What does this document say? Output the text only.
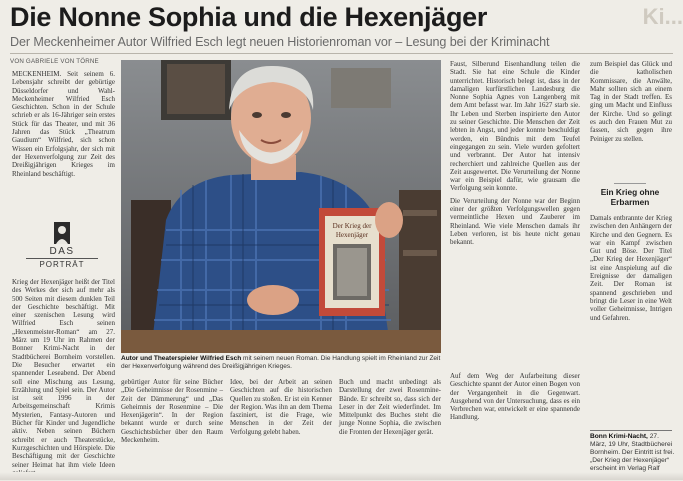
Die Nonne Sophia und die Hexenjäger	Ki...
Der Meckenheimer Autor Wilfried Esch legt neuen Historienroman vor – Lesung bei der Kriminacht
VON GABRIELE VON TÖRNE

MECKENHEIM. Seit seinem 6. Lebensjahr schreibt der gebürtige Düsseldorfer und Wahl-Meckenheimer Wilfried Esch Geschichten. Schon in der Schule schrieb er als 16-Jähriger sein erstes Stück für das Theater, und mit 36 Jahren das Stück „Theatrum Gaudium“ Wilfried, sich schon Wissen ein Erfolgsjahr, der sich mit der Hexenverfolgung zur Zeit des Dreißigjährigen Krieges im Rheinland beschäftigt.

DAS
PORTRÄT

Krieg der Hexenjäger heißt der Titel des Werkes der sich auf mehr als 500 Seiten mit diesem dunklen Teil der Geschichte beschäftigt. Mit einer szenischen Lesung wird Wilfried Esch seinen „Hexenmeister-Roman“ am 27. März um 19 Uhr im Rahmen der Bonner Krimi-Nacht in der Stadtbücherei Bornheim vorstellen. Die Besucher erwartet ein spannender Leseabend. Der Abend soll eine Mischung aus Lesung, Erzählung und Spiel sein. Der Autor ist seit 1996 in der Arbeitsgemeinschaft Krimis Mysterien, Fantasy-Autoren und Bücher für Kinder und Jugendliche aktiv. Neben seinen Büchern schreibt er auch Theaterstücke, Kurzgeschichten und Hörspiele. Die Beschäftigung mit der Geschichte seiner Heimat hat ihm viele Ideen

Der Krieg der
Hexenjäger
Autor und Theaterspieler Wilfried Esch mit seinem neuen Roman. Die Handlung spielt im Rheinland zur Zeit der Hexenverfolgung während des Dreißigjährigen Krieges.

gebürtiger Autor für seine Bücher „Die Geheimnisse der Rosenmine – Zeit der Dämmerung“ und „Das Geheimnis der Rosenmine – Die Hexenjägerin“. In der Region bekannt wurde er durch seine Geschichtsbücher über den Raum Meckenheim.

Idee, bei der Arbeit an seinen Geschichten auf die historischen Quellen zu stoßen. Er ist ein Kenner der Region. Was ihn an dem Thema fasziniert, ist die Frage, wie Menschen in der Zeit der Verfolgung gelebt haben.

Buch und macht unbedingt als Darstellung der zwei Rosenmine-Bände. Er schreibt so, dass sich der Leser in der Zeit wiederfindet. Im Mittelpunkt des Buches steht die junge Nonne Sophia, die zwischen die Fronten der Hexenjäger gerät.

Faust, Silberund Eisenhandlung teilen die Stadt. Sie hat eine Schule die Kinder unterrichtet. Historisch belegt ist, dass in der damaligen kurfürstlichen Landesburg die Nonne Sophia Agnes von Langenberg mit dem Amt befasst war. Im Jahr 1627 starb sie. Ihr Leben und Sterben inspirierte den Autor zu seiner Geschichte. Die Menschen der Zeit lebten in Angst, und jeder konnte beschuldigt werden, ein Bündnis mit dem Teufel eingegangen zu sein. Viele wurden gefoltert und verbrannt. Der Autor hat intensiv recherchiert und zahlreiche Quellen aus der Zeit ausgewertet. Die Verurteilung der Nonne war ein Beispiel dafür, wie grausam die Verfolgung sein konnte.

Die Verurteilung der Nonne war der Beginn einer der größten Verfolgungswellen gegen vermeintliche Hexen und Zauberer im Rheinland. Wie viele Menschen damals ihr Leben verloren, ist bis heute nicht genau bekannt.

Auf dem Weg der Aufarbeitung dieser Geschichte spannt der Autor einen Bogen von der Vergangenheit in die Gegenwart. Ausgehend von der Untersuchung, dass es ein Verbrechen war, entwickelt er eine spannende Handlung.

zum Beispiel das Glück und die katholischen Kommissare, die Anwälte, Mahr sollten sich an einem Tag in der Stadt treffen. Es ging um Macht und Einfluss der Kirche. Und so gelingt es auch den Frauen Mut zu fassen, sich gegen ihre Peiniger zu stellen.

Ein Krieg ohne
Erbarmen

Damals entbrannte der Krieg zwischen den Anhängern der Kirche und den Gegnern. Es war ein Kampf zwischen Gut und Böse. Der Titel „Der Krieg der Hexenjäger“ ist eine Anspielung auf die Ereignisse der damaligen Zeit. Der Roman ist spannend geschrieben und bringt die Leser in eine Welt voller Geheimnisse, Intrigen und Gefahren.

Bonn Krimi-Nacht, 27. März, 19 Uhr, Stadtbücherei Bornheim. Der Eintritt ist frei. „Der Krieg der Hexenjäger“ erscheint im Verlag Ralf
